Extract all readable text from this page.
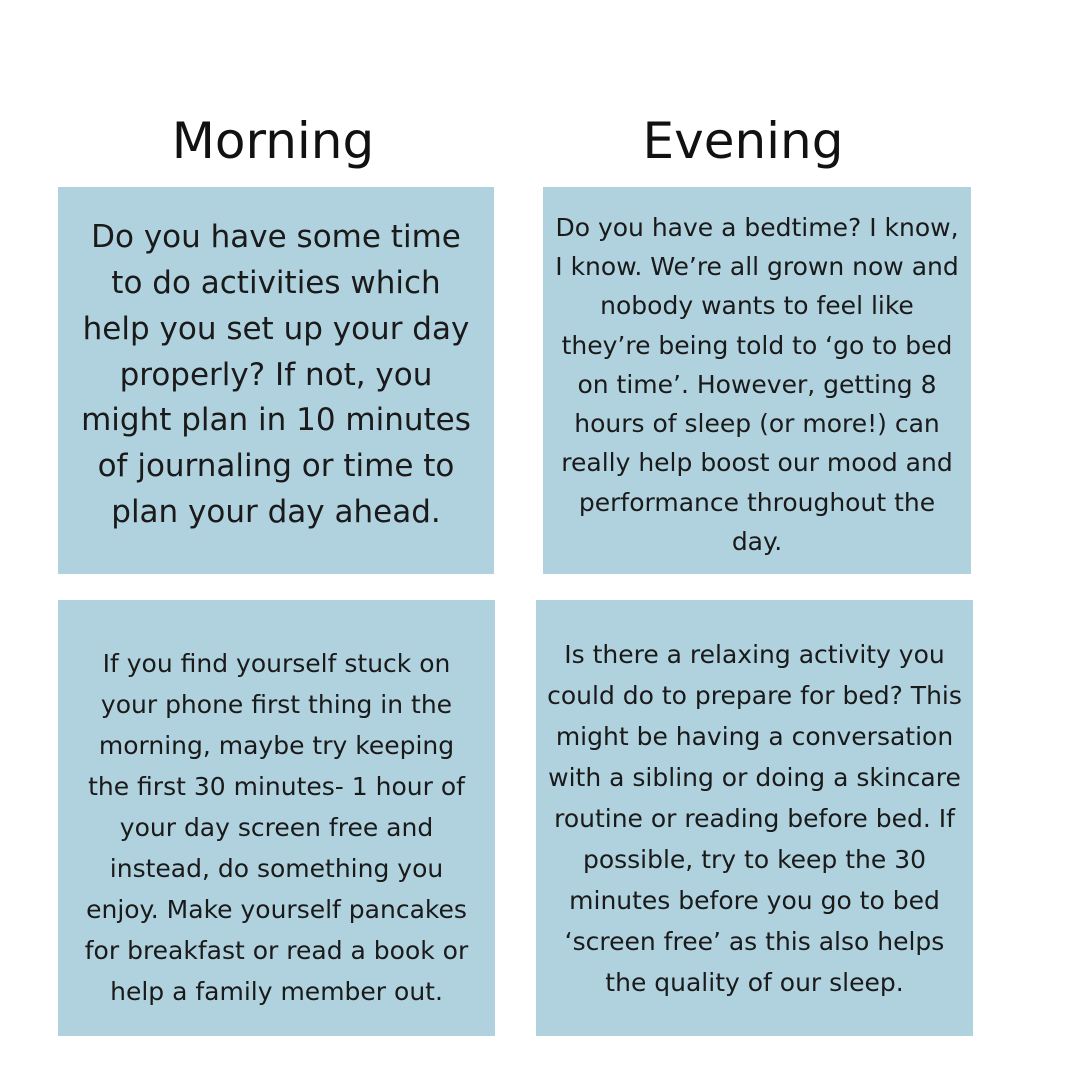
Morning	Evening

Do you have some time to do activities which help you set up your day properly? If not, you might plan in 10 minutes of journaling or time to plan your day ahead.

Do you have a bedtime? I know, I know. We’re all grown now and nobody wants to feel like they’re being told to ‘go to bed on time’. However, getting 8 hours of sleep (or more!) can really help boost our mood and performance throughout the day.

If you find yourself stuck on your phone first thing in the morning, maybe try keeping the first 30 minutes- 1 hour of your day screen free and instead, do something you enjoy. Make yourself pancakes for breakfast or read a book or help a family member out.

Is there a relaxing activity you could do to prepare for bed? This might be having a conversation with a sibling or doing a skincare routine or reading before bed. If possible, try to keep the 30 minutes before you go to bed ‘screen free’ as this also helps the quality of our sleep.
